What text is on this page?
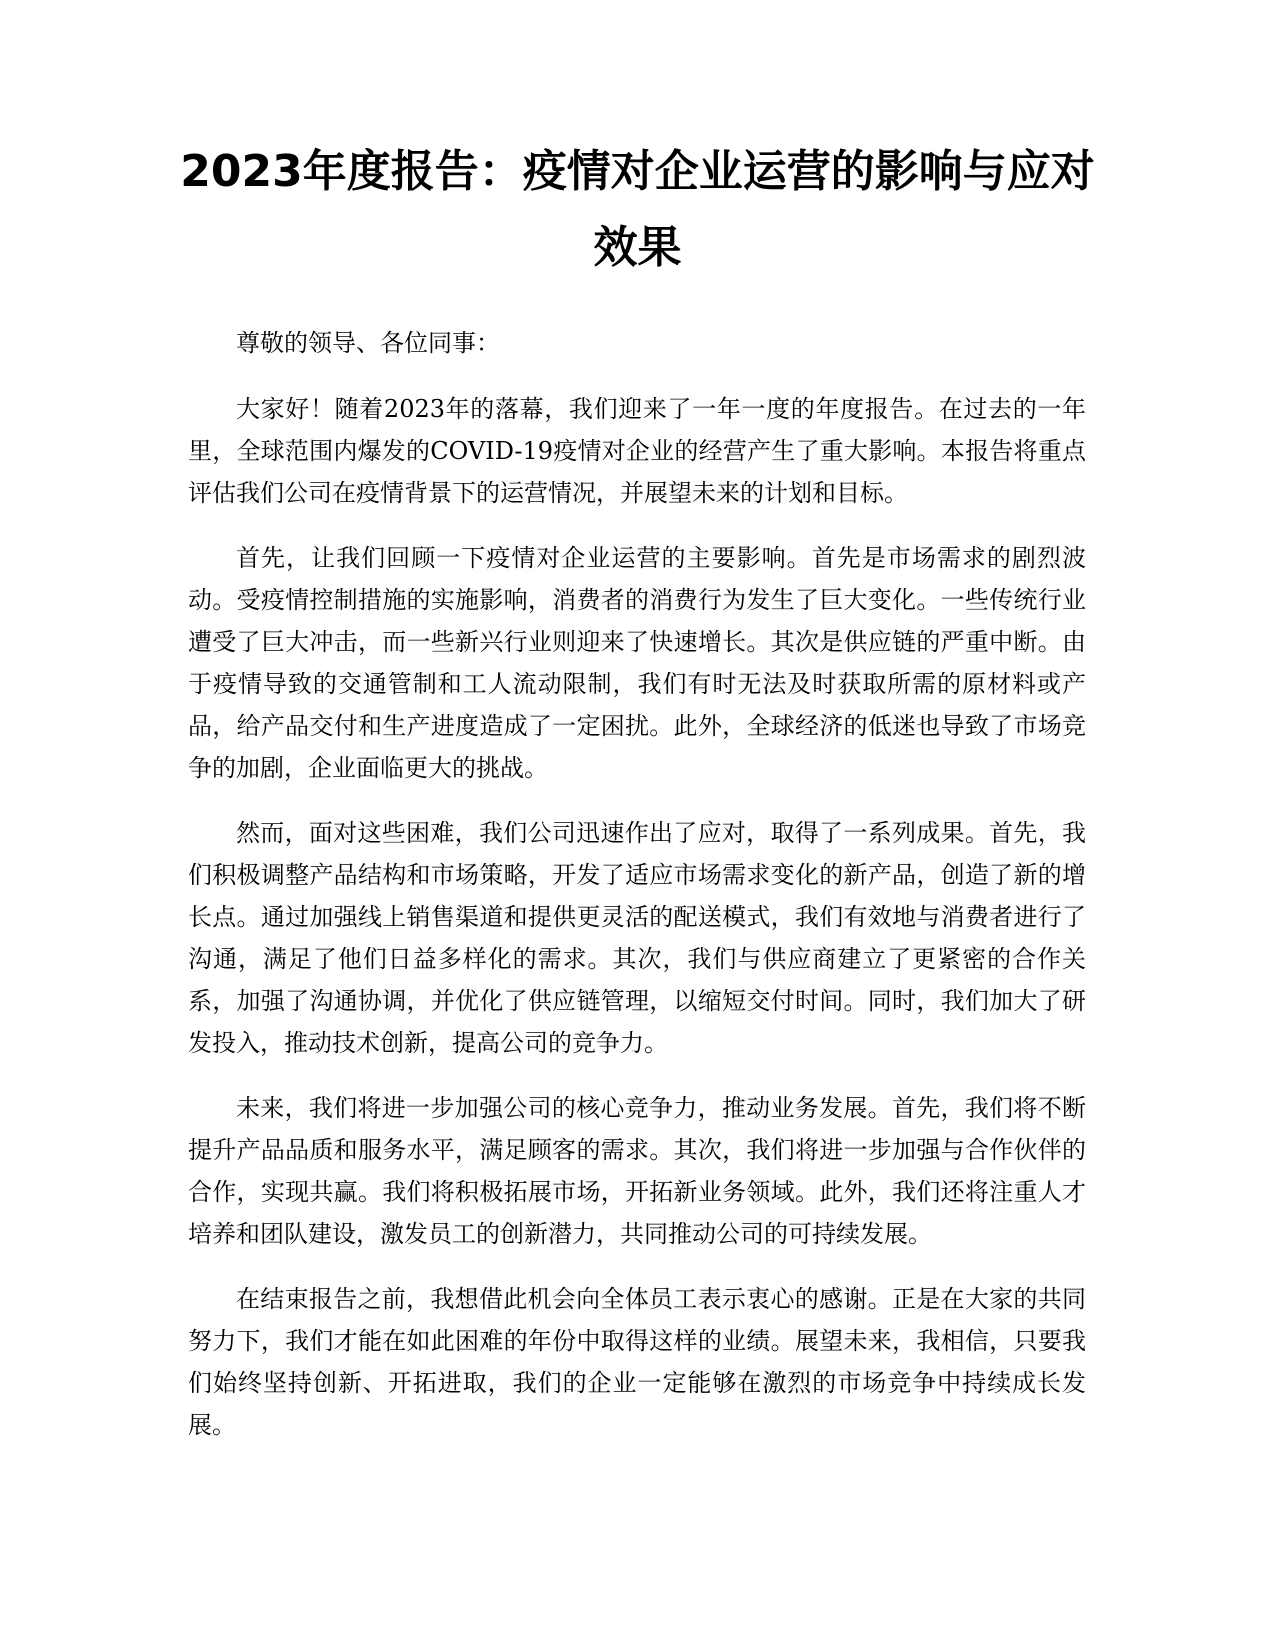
2023年度报告：疫情对企业运营的影响与应对效果

尊敬的领导、各位同事：

大家好！随着2023年的落幕，我们迎来了一年一度的年度报告。在过去的一年里，全球范围内爆发的COVID-19疫情对企业的经营产生了重大影响。本报告将重点评估我们公司在疫情背景下的运营情况，并展望未来的计划和目标。

首先，让我们回顾一下疫情对企业运营的主要影响。首先是市场需求的剧烈波动。受疫情控制措施的实施影响，消费者的消费行为发生了巨大变化。一些传统行业遭受了巨大冲击，而一些新兴行业则迎来了快速增长。其次是供应链的严重中断。由于疫情导致的交通管制和工人流动限制，我们有时无法及时获取所需的原材料或产品，给产品交付和生产进度造成了一定困扰。此外，全球经济的低迷也导致了市场竞争的加剧，企业面临更大的挑战。

然而，面对这些困难，我们公司迅速作出了应对，取得了一系列成果。首先，我们积极调整产品结构和市场策略，开发了适应市场需求变化的新产品，创造了新的增长点。通过加强线上销售渠道和提供更灵活的配送模式，我们有效地与消费者进行了沟通，满足了他们日益多样化的需求。其次，我们与供应商建立了更紧密的合作关系，加强了沟通协调，并优化了供应链管理，以缩短交付时间。同时，我们加大了研发投入，推动技术创新，提高公司的竞争力。

未来，我们将进一步加强公司的核心竞争力，推动业务发展。首先，我们将不断提升产品品质和服务水平，满足顾客的需求。其次，我们将进一步加强与合作伙伴的合作，实现共赢。我们将积极拓展市场，开拓新业务领域。此外，我们还将注重人才培养和团队建设，激发员工的创新潜力，共同推动公司的可持续发展。

在结束报告之前，我想借此机会向全体员工表示衷心的感谢。正是在大家的共同努力下，我们才能在如此困难的年份中取得这样的业绩。展望未来，我相信，只要我们始终坚持创新、开拓进取，我们的企业一定能够在激烈的市场竞争中持续成长发展。
